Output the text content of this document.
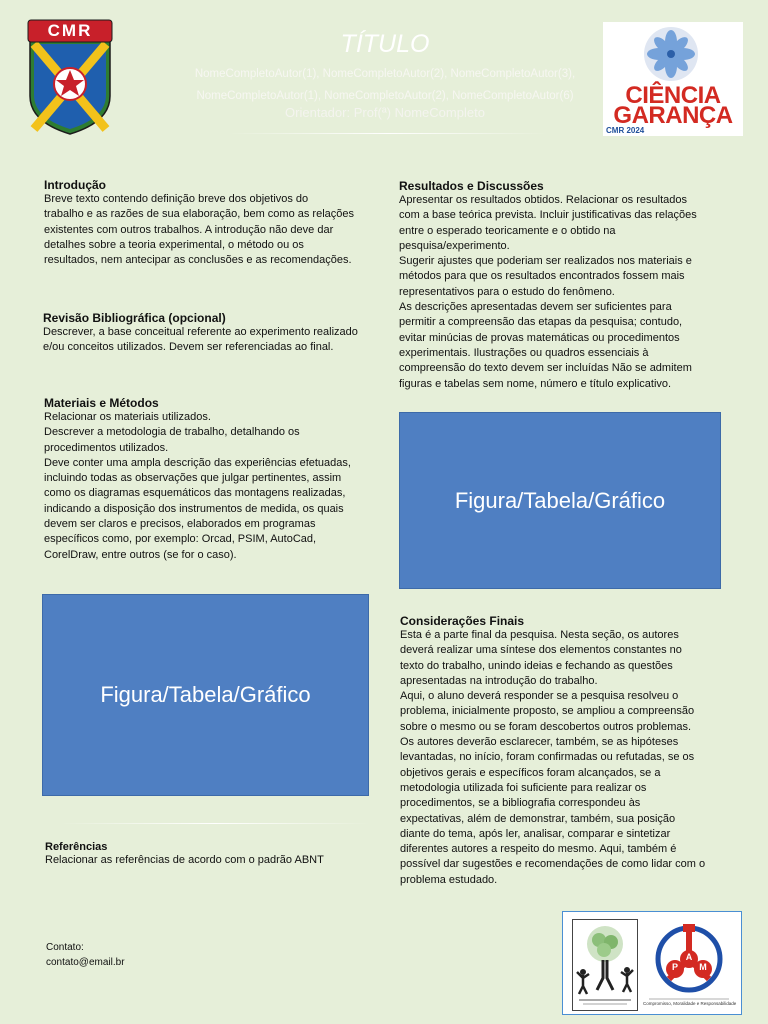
CMR	TÍTULO
NomeCompletoAutor(1), NomeCompletoAutor(2), NomeCompletoAutor(3),
NomeCompletoAutor(1), NomeCompletoAutor(2), NomeCompletoAutor(6)
Orientador: Prof(ª) NomeCompleto
CIÊNCIA
GARANÇA
CMR 2024
Introdução
Breve texto contendo definição breve dos objetivos do
trabalho e as razões de sua elaboração, bem como as relações
existentes com outros trabalhos. A introdução não deve dar
detalhes sobre a teoria experimental, o método ou os
resultados, nem antecipar as conclusões e as recomendações.
Revisão Bibliográfica (opcional)
Descrever, a base conceitual referente ao experimento realizado
e/ou conceitos utilizados. Devem ser referenciadas ao final.
Materiais e Métodos
Relacionar os materiais utilizados.
Descrever a metodologia de trabalho, detalhando os
procedimentos utilizados.
Deve conter uma ampla descrição das experiências efetuadas,
incluindo todas as observações que julgar pertinentes, assim
como os diagramas esquemáticos das montagens realizadas,
indicando a disposição dos instrumentos de medida, os quais
devem ser claros e precisos, elaborados em programas
específicos como, por exemplo: Orcad, PSIM, AutoCad,
CorelDraw, entre outros (se for o caso).
Figura/Tabela/Gráfico
Referências
Relacionar as referências de acordo com o padrão ABNT
Contato:
contato@email.br
Resultados e Discussões
Apresentar os resultados obtidos. Relacionar os resultados
com a base teórica prevista. Incluir justificativas das relações
entre o esperado teoricamente e o obtido na
pesquisa/experimento.
Sugerir ajustes que poderiam ser realizados nos materiais e
métodos para que os resultados encontrados fossem mais
representativos para o estudo do fenômeno.
As descrições apresentadas devem ser suficientes para
permitir a compreensão das etapas da pesquisa; contudo,
evitar minúcias de provas matemáticas ou procedimentos
experimentais. Ilustrações ou quadros essenciais à
compreensão do texto devem ser incluídas Não se admitem
figuras e tabelas sem nome, número e título explicativo.
Figura/Tabela/Gráfico
Considerações Finais
Esta é a parte final da pesquisa. Nesta seção, os autores
deverá realizar uma síntese dos elementos constantes no
texto do trabalho, unindo ideias e fechando as questões
apresentadas na introdução do trabalho.
Aqui, o aluno deverá responder se a pesquisa resolveu o
problema, inicialmente proposto, se ampliou a compreensão
sobre o mesmo ou se foram descobertos outros problemas.
Os autores deverão esclarecer, também, se as hipóteses
levantadas, no início, foram confirmadas ou refutadas, se os
objetivos gerais e específicos foram alcançados, se a
metodologia utilizada foi suficiente para realizar os
procedimentos, se a bibliografia correspondeu às
expectativas, além de demonstrar, também, sua posição
diante do tema, após ler, analisar, comparar e sintetizar
diferentes autores a respeito do mesmo. Aqui, também é
possível dar sugestões e recomendações de como lidar com o
problema estudado.
A
P M
Compromisso, Moralidade e Responsabilidade
